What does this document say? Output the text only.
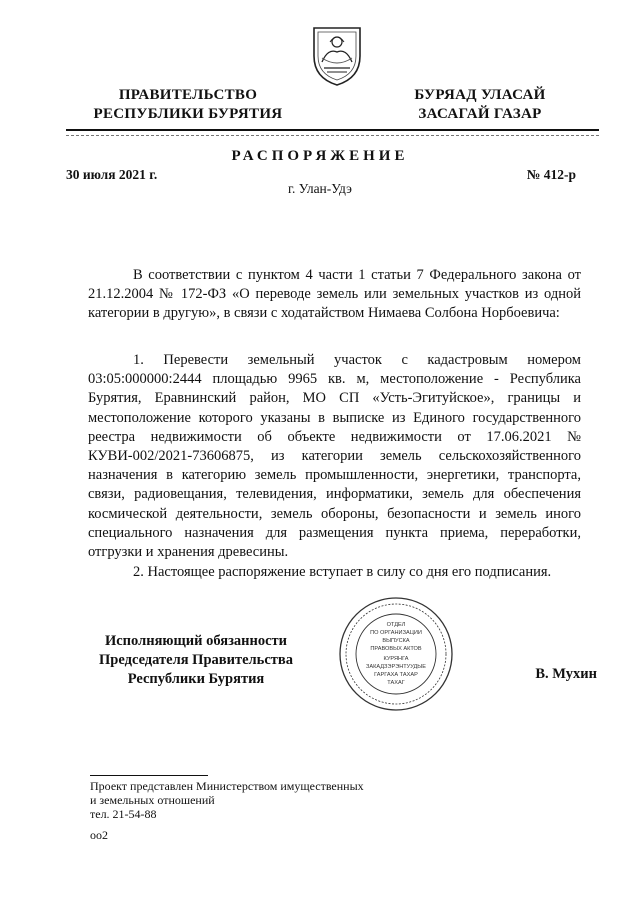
ПРАВИТЕЛЬСТВО
РЕСПУБЛИКИ БУРЯТИЯ
БУРЯАД УЛАСАЙ
ЗАСАГАЙ ГАЗАР
РАСПОРЯЖЕНИЕ
30 июля 2021 г.	№ 412-р
г. Улан-Удэ

В соответствии с пунктом 4 части 1 статьи 7 Федерального закона от 21.12.2004 № 172-ФЗ «О переводе земель или земельных участков из одной категории в другую», в связи с ходатайством Нимаева Солбона Норбоевича:

1. Перевести земельный участок с кадастровым номером 03:05:000000:2444 площадью 9965 кв. м, местоположение - Республика Бурятия, Еравнинский район, МО СП «Усть-Эгитуйское», границы и местоположение которого указаны в выписке из Единого государственного реестра недвижимости об объекте недвижимости от 17.06.2021 № КУВИ-002/2021-73606875, из категории земель сельскохозяйственного назначения в категорию земель промышленности, энергетики, транспорта, связи, радиовещания, телевидения, информатики, земель для обеспечения космической деятельности, земель обороны, безопасности и земель иного специального назначения для размещения пункта приема, переработки, отгрузки и хранения древесины.

2. Настоящее распоряжение вступает в силу со дня его подписания.

Исполняющий обязанности
Председателя Правительства
Республики Бурятия
ОТДЕЛ
ПО ОРГАНИЗАЦИИ
ВЫПУСКА
ПРАВОВЫХ АКТОВ
КУРЯНГА
ЗАКАДЗЭРЭНТУУДЫЕ
ГАРГАХА ТАХАР
ТАХАГ
В. Мухин
Проект представлен Министерством имущественных
и земельных отношений
тел. 21-54-88
оо2
